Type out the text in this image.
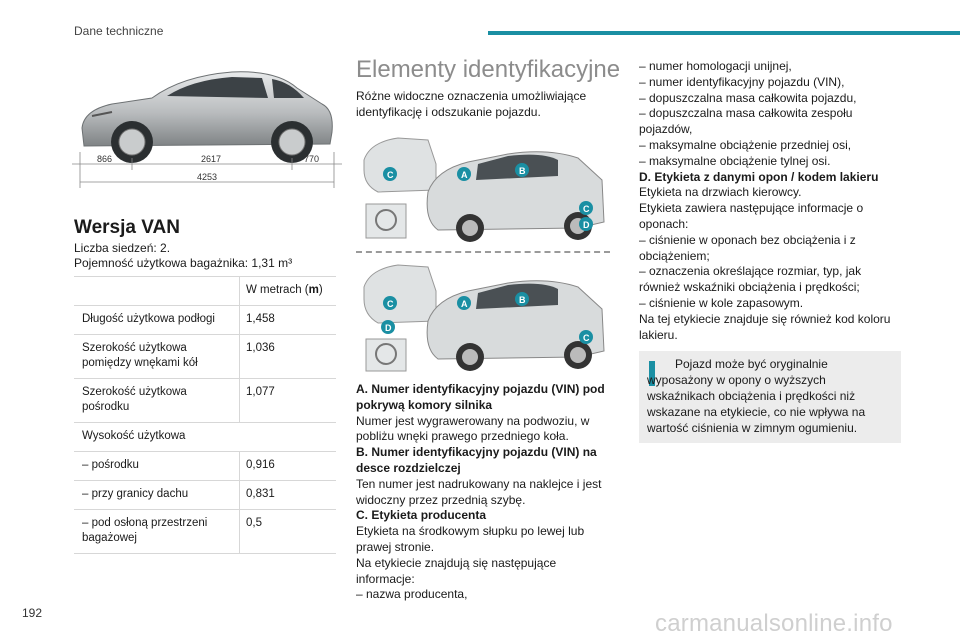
Dane techniczne
866	2617	770
4253
Wersja VAN
Liczba siedzeń: 2.
Pojemność użytkowa bagażnika: 1,31 m³
	W metrach (m)
Długość użytkowa podłogi	1,458
Szerokość użytkowa pomiędzy wnękami kół	1,036
Szerokość użytkowa pośrodku	1,077
Wysokość użytkowa	
– pośrodku	0,916
– przy granicy dachu	0,831
– pod osłoną przestrzeni bagażowej	0,5
Elementy identyfikacyjne
Różne widoczne oznaczenia umożliwiające identyfikację i odszukanie pojazdu.
C	A	B
C
D
C
D
A	B
C

A. Numer identyfikacyjny pojazdu (VIN) pod pokrywą komory silnika

Numer jest wygrawerowany na podwoziu, w pobliżu wnęki prawego przedniego koła.

B. Numer identyfikacyjny pojazdu (VIN) na desce rozdzielczej

Ten numer jest nadrukowany na naklejce i jest widoczny przez przednią szybę.

C. Etykieta producenta

Etykieta na środkowym słupku po lewej lub prawej stronie.

Na etykiecie znajdują się następujące informacje:

– nazwa producenta,

– numer homologacji unijnej,

– numer identyfikacyjny pojazdu (VIN),

– dopuszczalna masa całkowita pojazdu,

– dopuszczalna masa całkowita zespołu pojazdów,

– maksymalne obciążenie przedniej osi,

– maksymalne obciążenie tylnej osi.

D. Etykieta z danymi opon / kodem lakieru

Etykieta na drzwiach kierowcy.

Etykieta zawiera następujące informacje o oponach:

– ciśnienie w oponach bez obciążenia i z obciążeniem;

– oznaczenia określające rozmiar, typ, jak również wskaźniki obciążenia i prędkości;

– ciśnienie w kole zapasowym.

Na tej etykiecie znajduje się również kod koloru lakieru.

Pojazd może być oryginalnie wyposażony w opony o wyższych wskaźnikach obciążenia i prędkości niż wskazane na etykiecie, co nie wpływa na wartość ciśnienia w zimnym ogumieniu.
192	carmanualsonline.info
